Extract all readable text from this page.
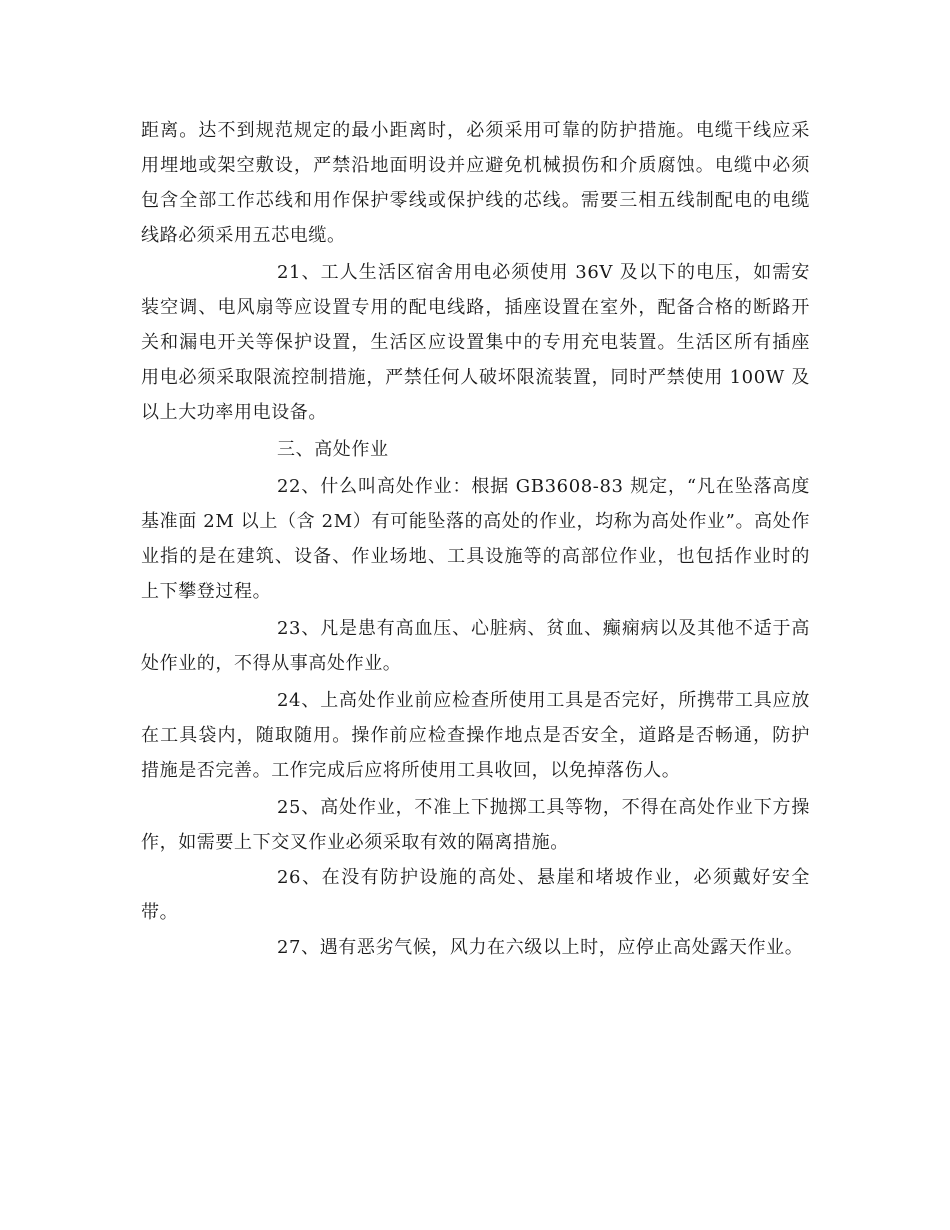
距离。达不到规范规定的最小距离时，必须采用可靠的防护措施。电缆干线应采用埋地或架空敷设，严禁沿地面明设并应避免机械损伤和介质腐蚀。电缆中必须包含全部工作芯线和用作保护零线或保护线的芯线。需要三相五线制配电的电缆线路必须采用五芯电缆。

21、工人生活区宿舍用电必须使用 36V 及以下的电压，如需安装空调、电风扇等应设置专用的配电线路，插座设置在室外，配备合格的断路开关和漏电开关等保护设置，生活区应设置集中的专用充电装置。生活区所有插座用电必须采取限流控制措施，严禁任何人破坏限流装置，同时严禁使用 100W 及以上大功率用电设备。

三、高处作业

22、什么叫高处作业：根据 GB3608-83 规定，“凡在坠落高度基准面 2M 以上（含 2M）有可能坠落的高处的作业，均称为高处作业”。高处作业指的是在建筑、设备、作业场地、工具设施等的高部位作业，也包括作业时的上下攀登过程。

23、凡是患有高血压、心脏病、贫血、癫痫病以及其他不适于高处作业的，不得从事高处作业。

24、上高处作业前应检查所使用工具是否完好，所携带工具应放在工具袋内，随取随用。操作前应检查操作地点是否安全，道路是否畅通，防护措施是否完善。工作完成后应将所使用工具收回，以免掉落伤人。

25、高处作业，不准上下抛掷工具等物，不得在高处作业下方操作，如需要上下交叉作业必须采取有效的隔离措施。

26、在没有防护设施的高处、悬崖和堵坡作业，必须戴好安全带。

27、遇有恶劣气候，风力在六级以上时，应停止高处露天作业。
